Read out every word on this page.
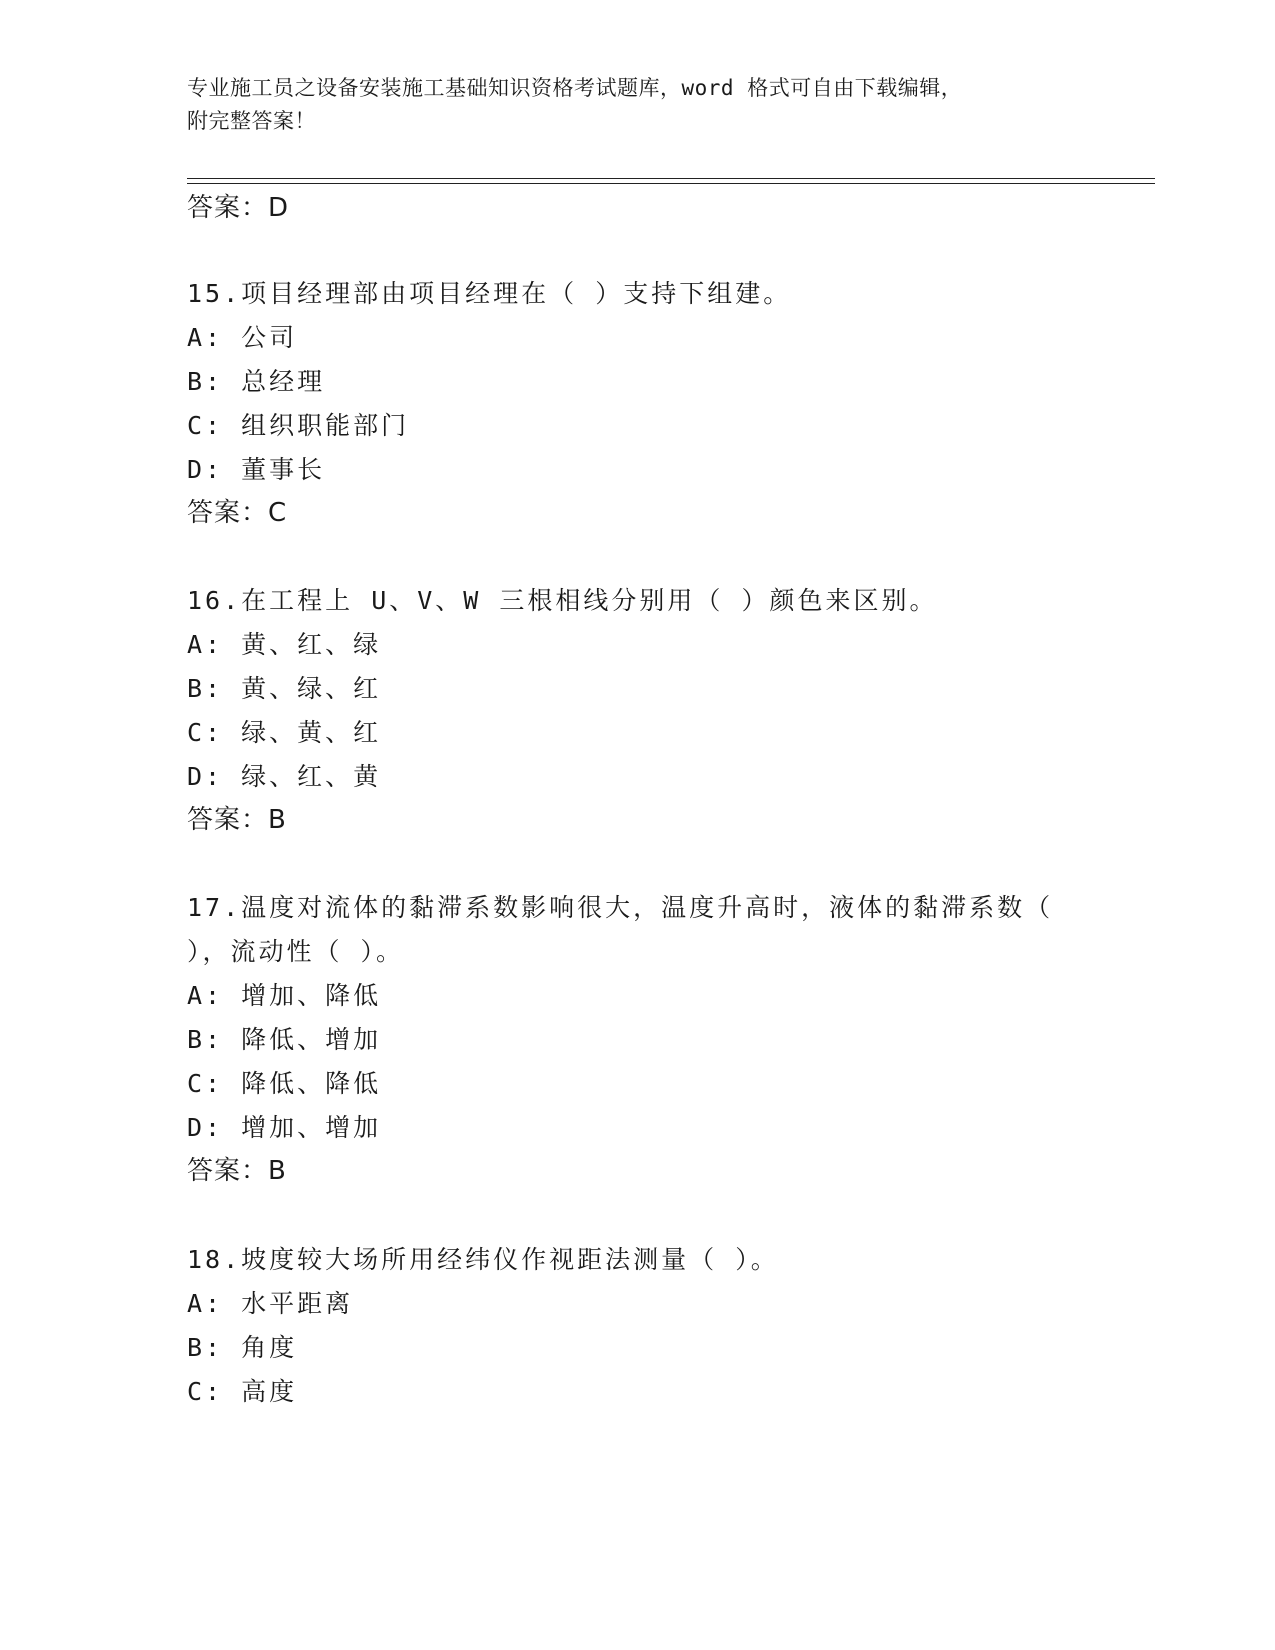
专业施工员之设备安装施工基础知识资格考试题库，word 格式可自由下载编辑，
附完整答案！
答案：D
15.项目经理部由项目经理在（ ）支持下组建。
A: 公司
B: 总经理
C: 组织职能部门
D: 董事长
答案：C
16.在工程上 U、V、W 三根相线分别用（ ）颜色来区别。
A: 黄、红、绿
B: 黄、绿、红
C: 绿、黄、红
D: 绿、红、黄
答案：B
17.温度对流体的黏滞系数影响很大，温度升高时，液体的黏滞系数（
），流动性（ ）。
A: 增加、降低
B: 降低、增加
C: 降低、降低
D: 增加、增加
答案：B
18.坡度较大场所用经纬仪作视距法测量（ ）。
A: 水平距离
B: 角度
C: 高度
